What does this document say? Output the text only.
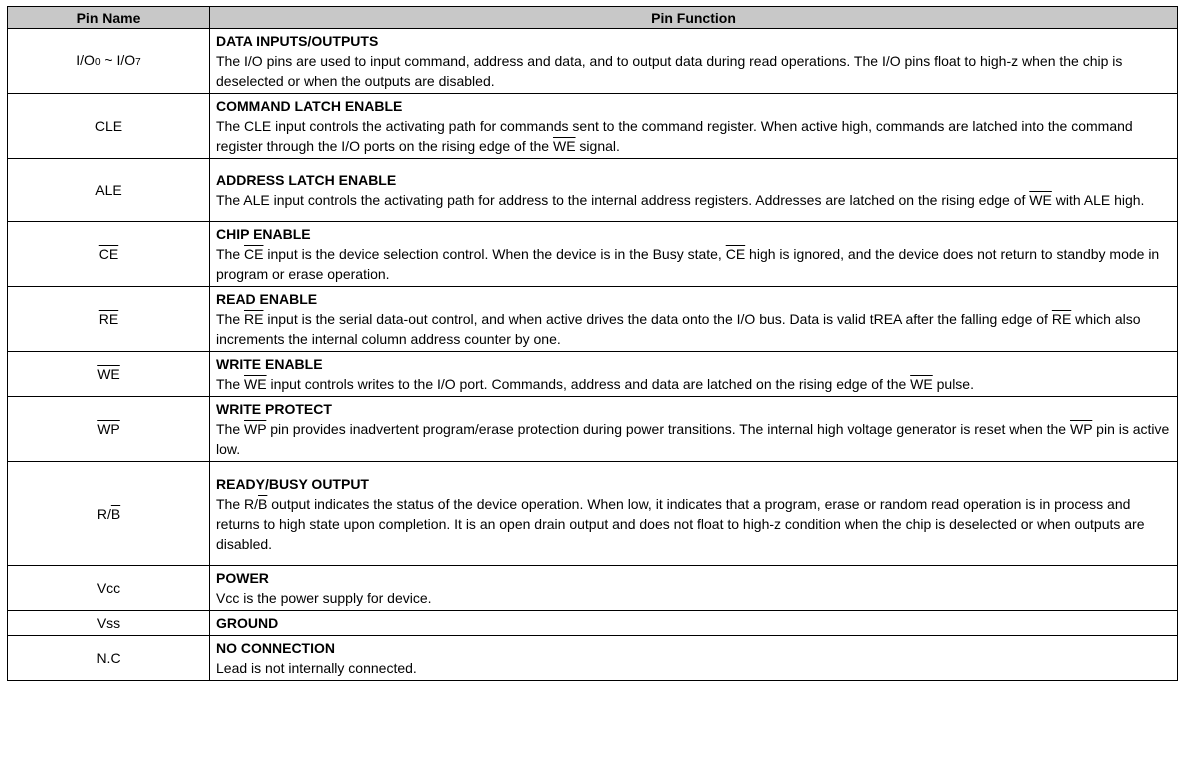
Pin Name	Pin Function
I/O0 ~ I/O7	DATA INPUTS/OUTPUTS
The I/O pins are used to input command, address and data, and to output data during read operations. The I/O pins float to high-z when the chip is deselected or when the outputs are disabled.
CLE	COMMAND LATCH ENABLE
The CLE input controls the activating path for commands sent to the command register. When active high, commands are latched into the command register through the I/O ports on the rising edge of the $\overline{WE}$ signal.
ALE	ADDRESS LATCH ENABLE
The ALE input controls the activating path for address to the internal address registers. Addresses are latched on the rising edge of $\overline{WE}$ with ALE high.
$\overline{CE}$	CHIP ENABLE
The $\overline{CE}$ input is the device selection control. When the device is in the Busy state, $\overline{CE}$ high is ignored, and the device does not return to standby mode in program or erase operation.
$\overline{RE}$	READ ENABLE
The $\overline{RE}$ input is the serial data-out control, and when active drives the data onto the I/O bus. Data is valid tREA after the falling edge of $\overline{RE}$ which also increments the internal column address counter by one.
$\overline{WE}$	WRITE ENABLE
The $\overline{WE}$ input controls writes to the I/O port. Commands, address and data are latched on the rising edge of the $\overline{WE}$ pulse.
$\overline{WP}$	WRITE PROTECT
The $\overline{WP}$ pin provides inadvertent program/erase protection during power transitions. The internal high voltage generator is reset when the $\overline{WP}$ pin is active low.
$R/\overline{B}$	READY/BUSY OUTPUT
The $R/\overline{B}$ output indicates the status of the device operation. When low, it indicates that a program, erase or random read operation is in process and returns to high state upon completion. It is an open drain output and does not float to high-z condition when the chip is deselected or when outputs are disabled.
Vcc	POWER
Vcc is the power supply for device.
Vss	GROUND

N.C	NO CONNECTION
Lead is not internally connected.
